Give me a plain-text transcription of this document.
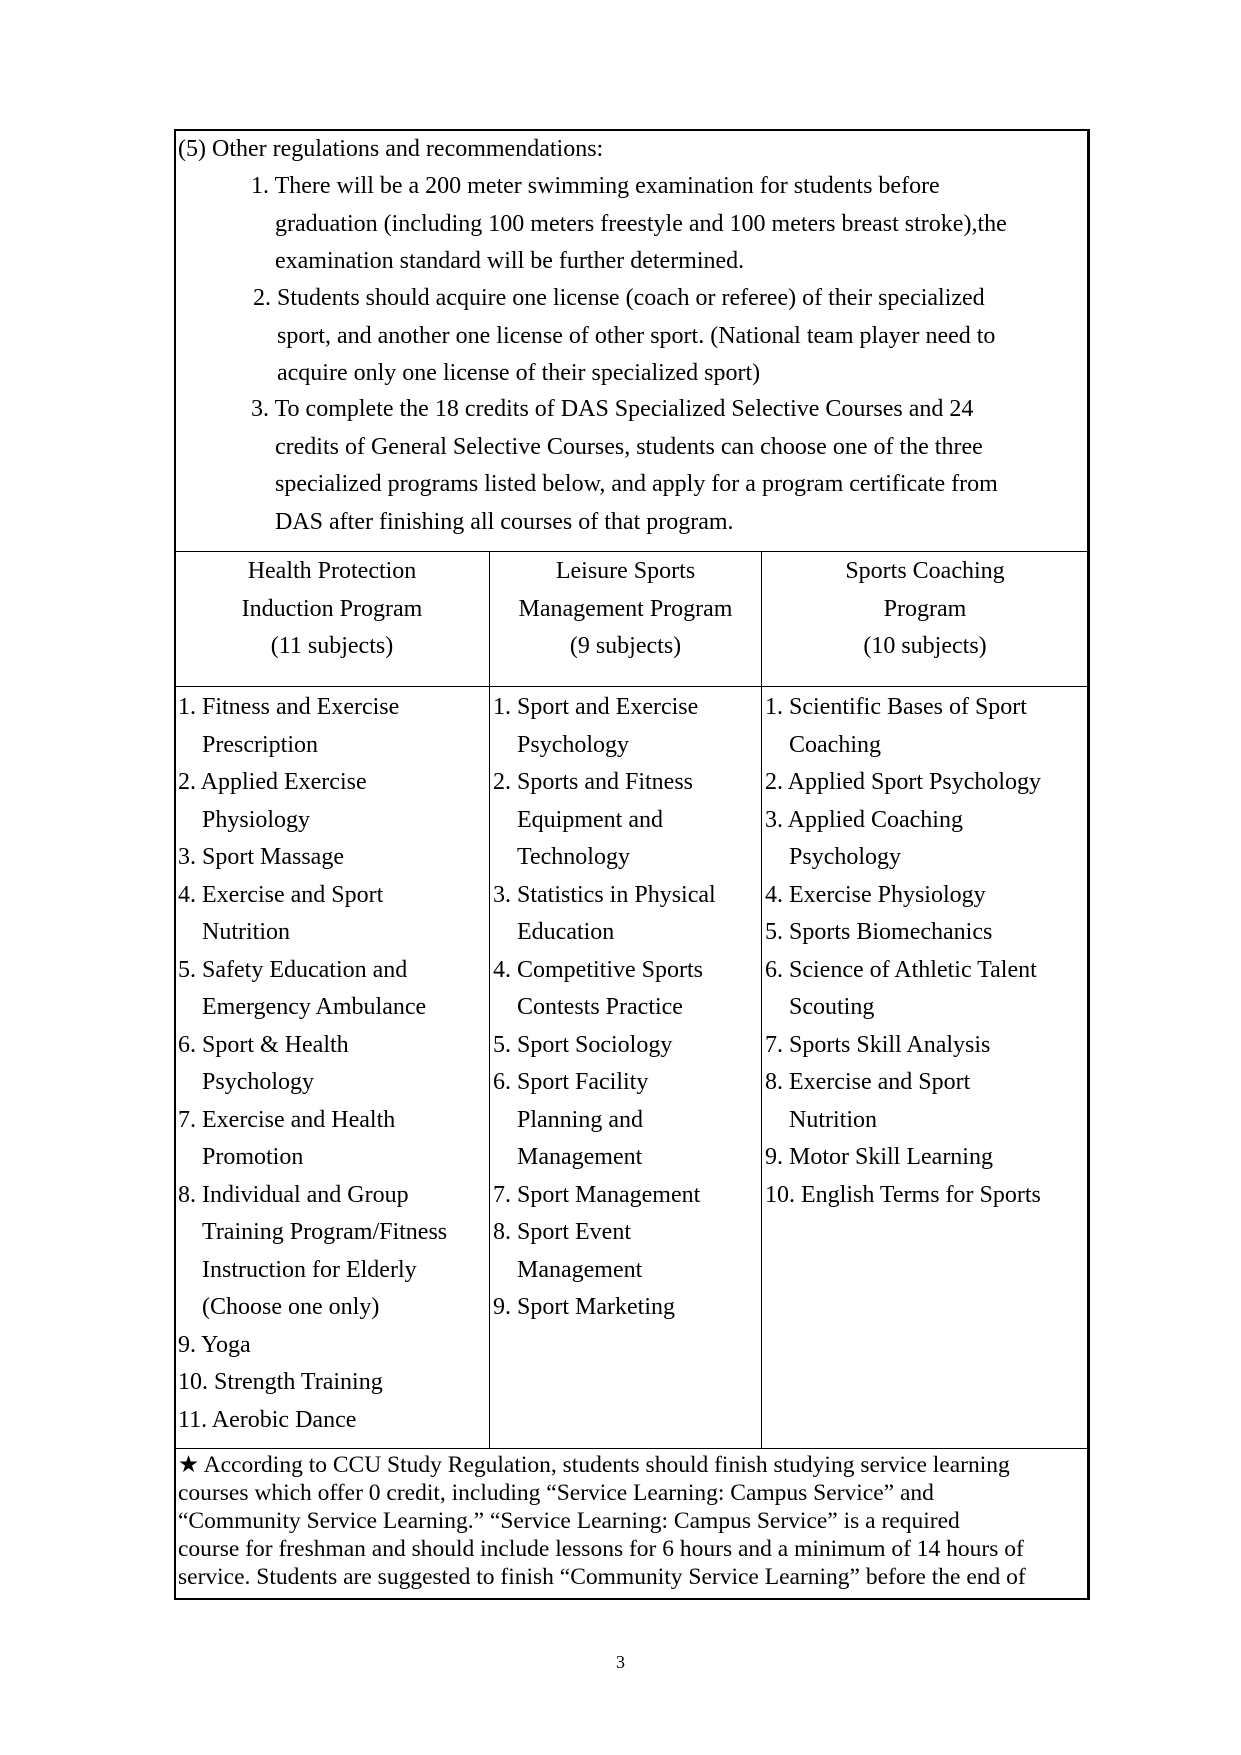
(5) Other regulations and recommendations:
1. There will be a 200 meter swimming examination for students before
graduation (including 100 meters freestyle and 100 meters breast stroke),the
examination standard will be further determined.
2. Students should acquire one license (coach or referee) of their specialized
sport, and another one license of other sport. (National team player need to
acquire only one license of their specialized sport)
3. To complete the 18 credits of DAS Specialized Selective Courses and 24
credits of General Selective Courses, students can choose one of the three
specialized programs listed below, and apply for a program certificate from
DAS after finishing all courses of that program.
Health Protection
Induction Program
(11 subjects)
Leisure Sports
Management Program
(9 subjects)
Sports Coaching
Program
(10 subjects)
1. Fitness and Exercise
Prescription
2. Applied Exercise
Physiology
3. Sport Massage
4. Exercise and Sport
Nutrition
5. Safety Education and
Emergency Ambulance
6. Sport & Health
Psychology
7. Exercise and Health
Promotion
8. Individual and Group
Training Program/Fitness
Instruction for Elderly
(Choose one only)
9. Yoga
10. Strength Training
11. Aerobic Dance
1. Sport and Exercise
Psychology
2. Sports and Fitness
Equipment and
Technology
3. Statistics in Physical
Education
4. Competitive Sports
Contests Practice
5. Sport Sociology
6. Sport Facility
Planning and
Management
7. Sport Management
8. Sport Event
Management
9. Sport Marketing
1. Scientific Bases of Sport
Coaching
2. Applied Sport Psychology
3. Applied Coaching
Psychology
4. Exercise Physiology
5. Sports Biomechanics
6. Science of Athletic Talent
Scouting
7. Sports Skill Analysis
8. Exercise and Sport
Nutrition
9. Motor Skill Learning
10. English Terms for Sports
★ According to CCU Study Regulation, students should finish studying service learning
courses which offer 0 credit, including “Service Learning: Campus Service” and
“Community Service Learning.” “Service Learning: Campus Service” is a required
course for freshman and should include lessons for 6 hours and a minimum of 14 hours of
service. Students are suggested to finish “Community Service Learning” before the end of
3
